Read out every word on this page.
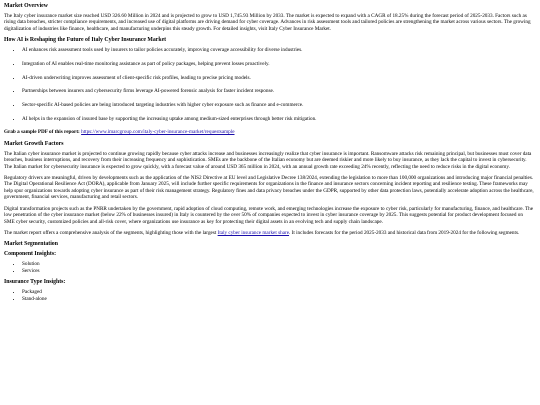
Market Overview

The Italy cyber insurance market size reached USD 326.60 Million in 2024 and is projected to grow to USD 1,745.93 Million by 2033. The market is expected to expand with a CAGR of 18.25% during the forecast period of 2025-2033. Factors such as rising data breaches, stricter compliance requirements, and increased use of digital platforms are driving demand for cyber coverage. Advances in risk assessment tools and tailored policies are strengthening the market across various sectors. The growing digitalization of industries like finance, healthcare, and manufacturing underpins this steady growth. For detailed insights, visit Italy Cyber Insurance Market.

How AI is Reshaping the Future of Italy Cyber Insurance Market
• AI enhances risk assessment tools used by insurers to tailor policies accurately, improving coverage accessibility for diverse industries.
• Integration of AI enables real-time monitoring assistance as part of policy packages, helping prevent losses proactively.
• AI-driven underwriting improves assessment of client-specific risk profiles, leading to precise pricing models.
• Partnerships between insurers and cybersecurity firms leverage AI-powered forensic analysis for faster incident response.
• Sector-specific AI-based policies are being introduced targeting industries with higher cyber exposure such as finance and e-commerce.
• AI helps in the expansion of insured base by supporting the increasing uptake among medium-sized enterprises through better risk mitigation.

Grab a sample PDF of this report: https://www.imarcgroup.com/italy-cyber-insurance-market/requestsample

Market Growth Factors

The Italian cyber insurance market is projected to continue growing rapidly because cyber attacks increase and businesses increasingly realize that cyber insurance is important. Ransomware attacks risk remaining principal, but businesses must cover data breaches, business interruptions, and recovery from their increasing frequency and sophistication. SMEs are the backbone of the Italian economy but are deemed riskier and more likely to buy insurance, as they lack the capital to invest in cybersecurity. The Italian market for cybersecurity insurance is expected to grow quickly, with a forecast value of around USD 365 million in 2024, with an annual growth rate exceeding 24% recently, reflecting the need to reduce risks in the digital economy.

Regulatory drivers are meaningful, driven by developments such as the application of the NIS2 Directive at EU level and Legislative Decree 138/2024, extending the legislation to more than 100,000 organizations and introducing major financial penalties. The Digital Operational Resilience Act (DORA), applicable from January 2025, will include further specific requirements for organizations in the finance and insurance sectors concerning incident reporting and resilience testing. These frameworks may help spur organizations towards adopting cyber insurance as part of their risk management strategy. Regulatory fines and data privacy breaches under the GDPR, supported by other data protection laws, potentially accelerate adoption across the healthcare, government, financial services, manufacturing and retail sectors.

Digital transformation projects such as the PNRR undertaken by the government, rapid adoption of cloud computing, remote work, and emerging technologies increase the exposure to cyber risk, particularly for manufacturing, finance, and healthcare. The low penetration of the cyber insurance market (below 22% of businesses insured) in Italy is countered by the over 50% of companies expected to invest in cyber insurance coverage by 2025. This suggests potential for product development focused on SME cyber security, customized policies and all-risk cover, where organizations use insurance as key for protecting their digital assets in an evolving tech and supply chain landscape.

The market report offers a comprehensive analysis of the segments, highlighting those with the largest Italy cyber insurance market share. It includes forecasts for the period 2025-2033 and historical data from 2019-2024 for the following segments.

Market Segmentation
Component Insights:
• Solution
• Services
Insurance Type Insights:
• Packaged
• Stand-alone
